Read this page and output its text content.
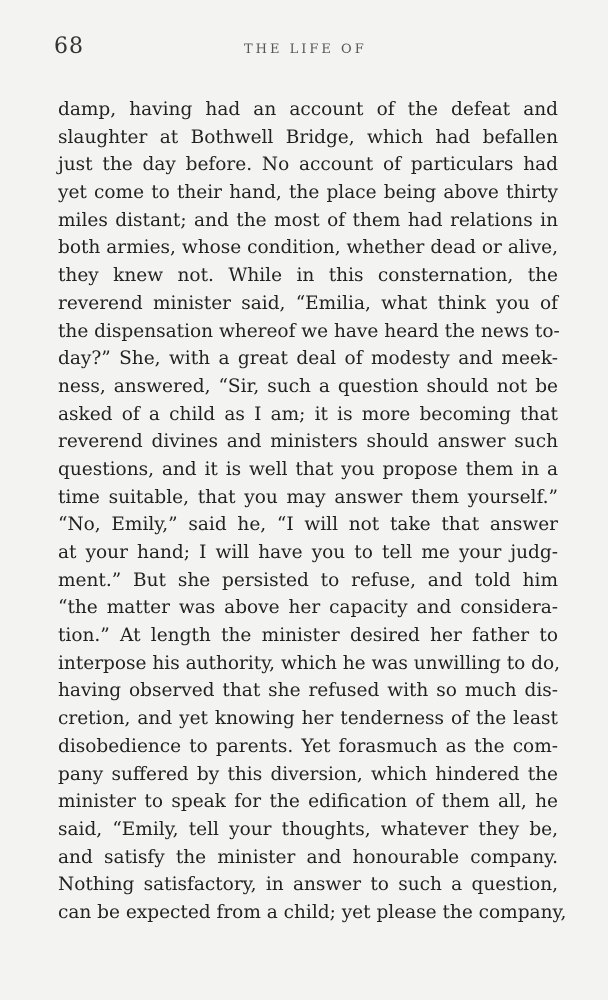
68	THE LIFE OF
damp, having had an account of the defeat and
slaughter at Bothwell Bridge, which had befallen
just the day before. No account of particulars had
yet come to their hand, the place being above thirty
miles distant; and the most of them had relations in
both armies, whose condition, whether dead or alive,
they knew not. While in this consternation, the
reverend minister said, “Emilia, what think you of
the dispensation whereof we have heard the news to-
day?” She, with a great deal of modesty and meek-
ness, answered, “Sir, such a question should not be
asked of a child as I am; it is more becoming that
reverend divines and ministers should answer such
questions, and it is well that you propose them in a
time suitable, that you may answer them yourself.”
“No, Emily,” said he, “I will not take that answer
at your hand; I will have you to tell me your judg-
ment.” But she persisted to refuse, and told him
“the matter was above her capacity and considera-
tion.” At length the minister desired her father to
interpose his authority, which he was unwilling to do,
having observed that she refused with so much dis-
cretion, and yet knowing her tenderness of the least
disobedience to parents. Yet forasmuch as the com-
pany suffered by this diversion, which hindered the
minister to speak for the edification of them all, he
said, “Emily, tell your thoughts, whatever they be,
and satisfy the minister and honourable company.
Nothing satisfactory, in answer to such a question,
can be expected from a child; yet please the company,
